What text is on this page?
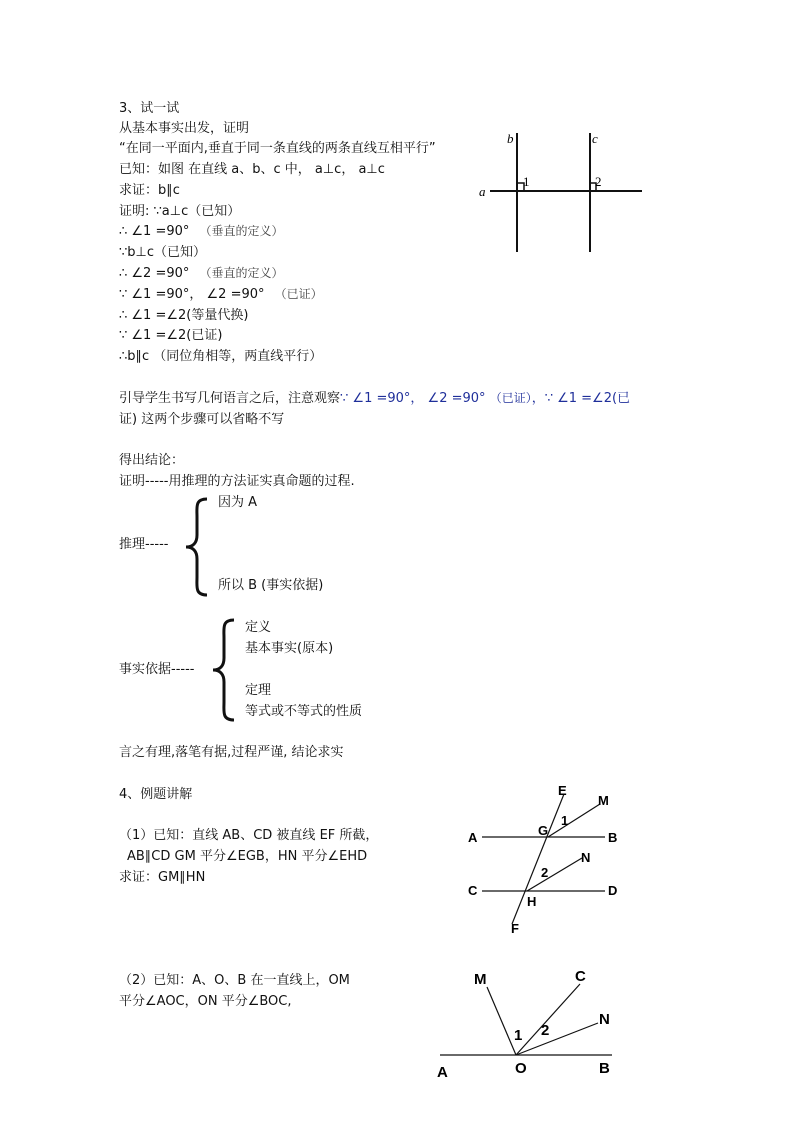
3、试一试
从基本事实出发，证明
“在同一平面内,垂直于同一条直线的两条直线互相平行”
已知：如图 在直线 a、b、c 中， a⊥c， a⊥c
求证：b∥c
证明: ∵a⊥c（已知）
∴ ∠1 =90° （垂直的定义）
∵b⊥c（已知）
∴ ∠2 =90° （垂直的定义）
∵ ∠1 =90°， ∠2 =90° （已证）
∴ ∠1 =∠2(等量代换)
∵ ∠1 =∠2(已证)
∴b∥c （同位角相等，两直线平行）
a
b	c
1	2
引导学生书写几何语言之后，注意观察∵ ∠1 =90°， ∠2 =90° （已证），∵ ∠1 =∠2(已
证) 这两个步骤可以省略不写
得出结论：
证明-----用推理的方法证实真命题的过程.
因为 A
推理-----
所以 B (事实依据)
定义
基本事实(原本)
事实依据-----
定理
等式或不等式的性质
言之有理,落笔有据,过程严谨, 结论求实
4、例题讲解
（1）已知：直线 AB、CD 被直线 EF 所截，
AB∥CD GM 平分∠EGB，HN 平分∠EHD
求证：GM∥HN
E
M
A	G
1
B
N
2
C
H
D
F
（2）已知：A、O、B 在一直线上，OM
平分∠AOC，ON 平分∠BOC,
M	C
N
1 2
A	O	B
